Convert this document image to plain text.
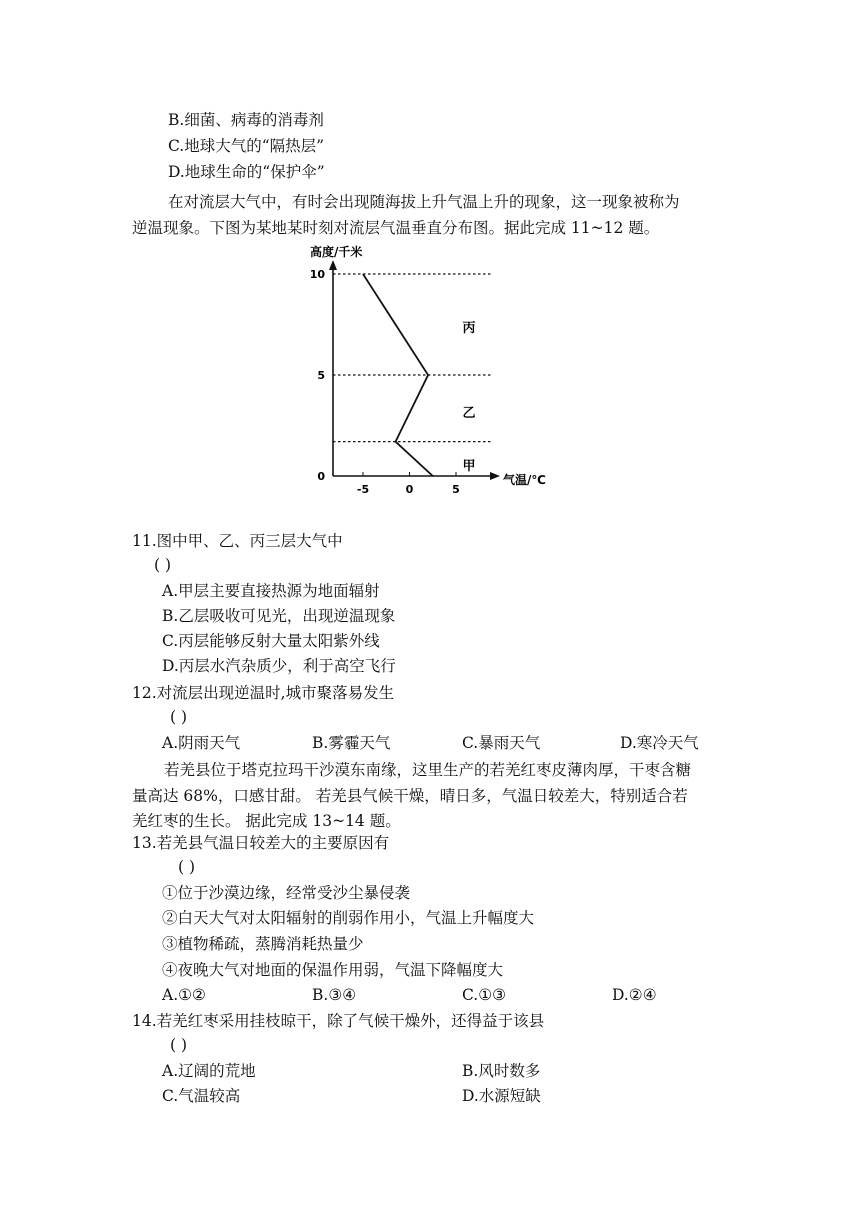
B.细菌、病毒的消毒剂
C.地球大气的“隔热层”
D.地球生命的“保护伞”
在对流层大气中，有时会出现随海拔上升气温上升的现象，这一现象被称为
逆温现象。下图为某地某时刻对流层气温垂直分布图。据此完成 11~12 题。
0
5
10
-5	0	5
高度/千米
气温/℃
甲
乙
丙
11.图中甲、乙、丙三层大气中
( )
A.甲层主要直接热源为地面辐射
B.乙层吸收可见光，出现逆温现象
C.丙层能够反射大量太阳紫外线
D.丙层水汽杂质少，利于高空飞行
12.对流层出现逆温时,城市聚落易发生
( )
A.阴雨天气	B.雾霾天气	C.暴雨天气	D.寒冷天气
若羌县位于塔克拉玛干沙漠东南缘，这里生产的若羌红枣皮薄肉厚，干枣含糖
量高达 68%，口感甘甜。 若羌县气候干燥，晴日多，气温日较差大，特别适合若
羌红枣的生长。 据此完成 13~14 题。
13.若羌县气温日较差大的主要原因有
( )
①位于沙漠边缘，经常受沙尘暴侵袭
②白天大气对太阳辐射的削弱作用小，气温上升幅度大
③植物稀疏，蒸腾消耗热量少
④夜晚大气对地面的保温作用弱，气温下降幅度大
A.①②	B.③④	C.①③	D.②④
14.若羌红枣采用挂枝晾干，除了气候干燥外，还得益于该县
( )
A.辽阔的荒地	B.风时数多
C.气温较高	D.水源短缺
